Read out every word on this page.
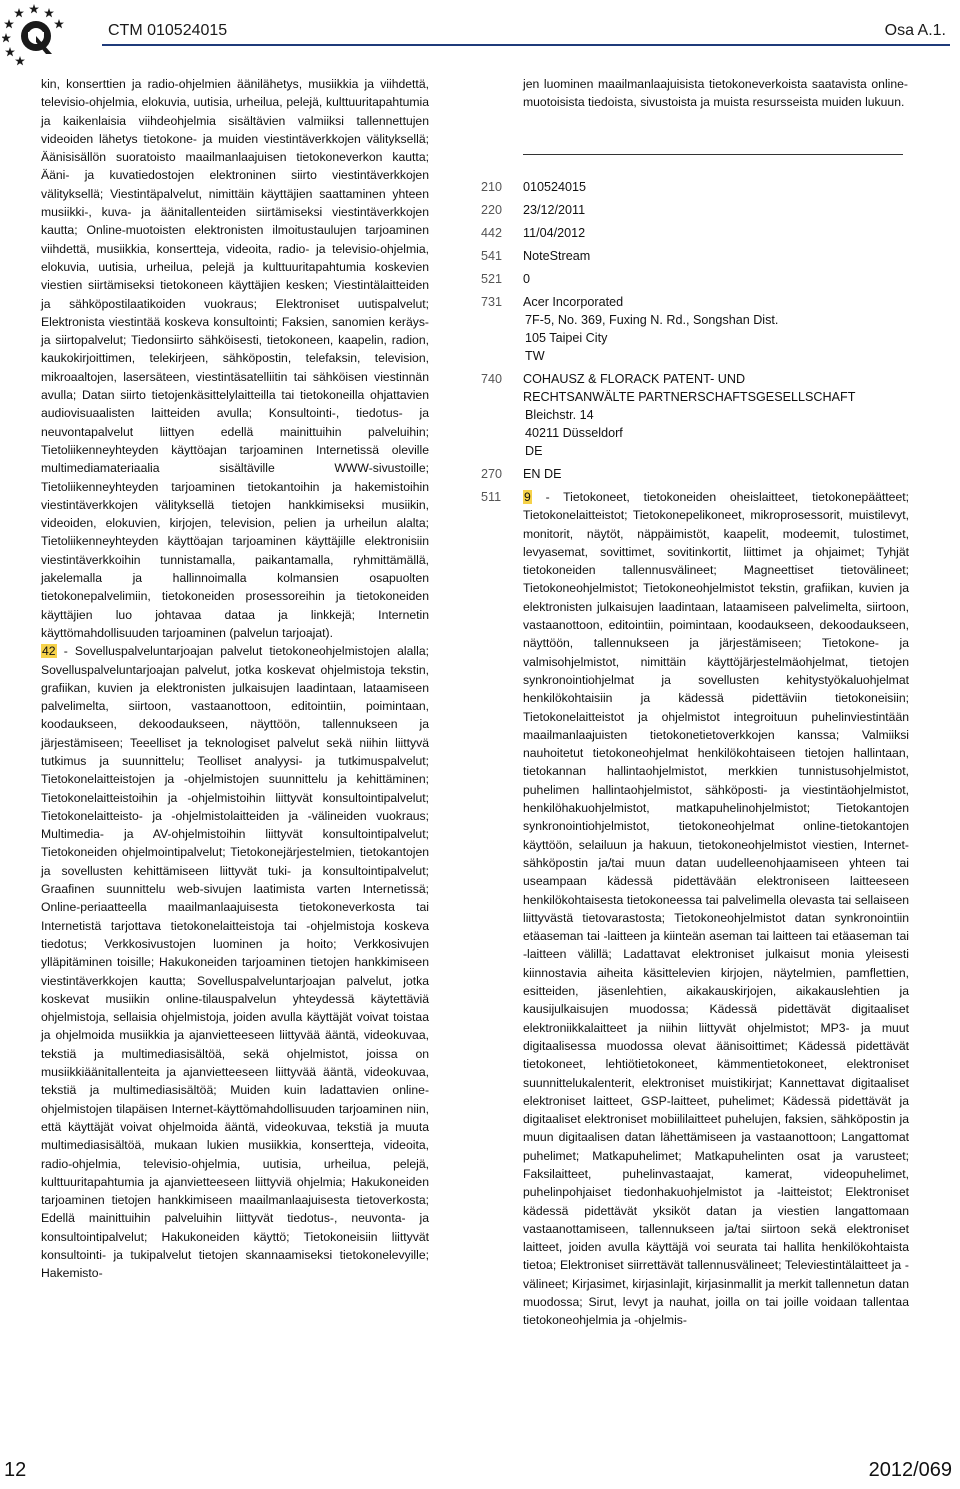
CTM 010524015	Osa A.1.

kin, konserttien ja radio-ohjelmien äänilähetys, musiikkia ja viihdettä, televisio-ohjelmia, elokuvia, uutisia, urheilua, pelejä, kulttuuritapahtumia ja kaikenlaisia viihdeohjelmia sisältävien valmiiksi tallennettujen videoiden lähetys tietokone- ja muiden viestintäverkkojen välityksellä; Äänisisällön suoratoisto maailmanlaajuisen tietokoneverkon kautta; Ääni- ja kuvatiedostojen elektroninen siirto viestintäverkkojen välityksellä; Viestintäpalvelut, nimittäin käyttäjien saattaminen yhteen musiikki-, kuva- ja äänitallenteiden siirtämiseksi viestintäverkkojen kautta; Online-muotoisten elektronisten ilmoitustaulujen tarjoaminen viihdettä, musiikkia, konsertteja, videoita, radio- ja televisio-ohjelmia, elokuvia, uutisia, urheilua, pelejä ja kulttuuritapahtumia koskevien viestien siirtämiseksi tietokoneen käyttäjien kesken; Viestintälaitteiden ja sähköpostilaatikoiden vuokraus; Elektroniset uutispalvelut; Elektronista viestintää koskeva konsultointi; Faksien, sanomien keräys- ja siirtopalvelut; Tiedonsiirto sähköisesti, tietokoneen, kaapelin, radion, kaukokirjoittimen, telekirjeen, sähköpostin, telefaksin, television, mikroaaltojen, lasersäteen, viestintäsatelliitin tai sähköisen viestinnän avulla; Datan siirto tietojenkäsittelylaitteilla tai tietokoneilla ohjattavien audiovisuaalisten laitteiden avulla; Konsultointi-, tiedotus- ja neuvontapalvelut liittyen edellä mainittuihin palveluihin; Tietoliikenneyhteyden käyttöajan tarjoaminen Internetissä oleville multimediamateriaalia sisältäville WWW-sivustoille; Tietoliikenneyhteyden tarjoaminen tietokantoihin ja hakemistoihin viestintäverkkojen välityksellä tietojen hankkimiseksi musiikin, videoiden, elokuvien, kirjojen, television, pelien ja urheilun alalta; Tietoliikenneyhteyden käyttöajan tarjoaminen käyttäjille elektronisiin viestintäverkkoihin tunnistamalla, paikantamalla, ryhmittämällä, jakelemalla ja hallinnoimalla kolmansien osapuolten tietokonepalvelimiin, tietokoneiden prosessoreihin ja tietokoneiden käyttäjien luo johtavaa dataa ja linkkejä; Internetin käyttömahdollisuuden tarjoaminen (palvelun tarjoajat).

42 - Sovelluspalveluntarjoajan palvelut tietokoneohjelmistojen alalla; Sovelluspalveluntarjoajan palvelut, jotka koskevat ohjelmistoja tekstin, grafiikan, kuvien ja elektronisten julkaisujen laadintaan, lataamiseen palvelimelta, siirtoon, vastaanottoon, editointiin, poimintaan, koodaukseen, dekoodaukseen, näyttöön, tallennukseen ja järjestämiseen; Teeelliset ja teknologiset palvelut sekä niihin liittyvä tutkimus ja suunnittelu; Teolliset analyysi- ja tutkimuspalvelut; Tietokonelaitteistojen ja -ohjelmistojen suunnittelu ja kehittäminen; Tietokonelaitteistoihin ja -ohjelmistoihin liittyvät konsultointipalvelut; Tietokonelaitteisto- ja -ohjelmistolaitteiden ja -välineiden vuokraus; Multimedia- ja AV-ohjelmistoihin liittyvät konsultointipalvelut; Tietokoneiden ohjelmointipalvelut; Tietokonejärjestelmien, tietokantojen ja sovellusten kehittämiseen liittyvät tuki- ja konsultointipalvelut; Graafinen suunnittelu web-sivujen laatimista varten Internetissä; Online-periaatteella maailmanlaajuisesta tietokoneverkosta tai Internetistä tarjottava tietokonelaitteistoja tai -ohjelmistoja koskeva tiedotus; Verkkosivustojen luominen ja hoito; Verkkosivujen ylläpitäminen toisille; Hakukoneiden tarjoaminen tietojen hankkimiseen viestintäverkkojen kautta; Sovelluspalveluntarjoajan palvelut, jotka koskevat musiikin online-tilauspalvelun yhteydessä käytettäviä ohjelmistoja, sellaisia ohjelmistoja, joiden avulla käyttäjät voivat toistaa ja ohjelmoida musiikkia ja ajanvietteeseen liittyvää ääntä, videokuvaa, tekstiä ja multimediasisältöä, sekä ohjelmistot, joissa on musiikkiäänitallenteita ja ajanvietteeseen liittyvää ääntä, videokuvaa, tekstiä ja multimediasisältöä; Muiden kuin ladattavien online-ohjelmistojen tilapäisen Internet-käyttömahdollisuuden tarjoaminen niin, että käyttäjät voivat ohjelmoida ääntä, videokuvaa, tekstiä ja muuta multimediasisältöä, mukaan lukien musiikkia, konsertteja, videoita, radio-ohjelmia, televisio-ohjelmia, uutisia, urheilua, pelejä, kulttuuritapahtumia ja ajanvietteeseen liittyviä ohjelmia; Hakukoneiden tarjoaminen tietojen hankkimiseen maailmanlaajuisesta tietoverkosta; Edellä mainittuihin palveluihin liittyvät tiedotus-, neuvonta- ja konsultointipalvelut; Hakukoneiden käyttö; Tietokoneisiin liittyvät konsultointi- ja tukipalvelut tietojen skannaamiseksi tietokonelevyille; Hakemisto-

jen luominen maailmanlaajuisista tietokoneverkoista saatavista online-muotoisista tiedoista, sivustoista ja muista resursseista muiden lukuun.

210	010524015
220	23/12/2011
442	11/04/2012
541	NoteStream
521	0
731	Acer Incorporated
7F-5, No. 369, Fuxing N. Rd., Songshan Dist.
105 Taipei City
TW
740	COHAUSZ & FLORACK PATENT- UND
RECHTSANWÄLTE PARTNERSCHAFTSGESELLSCHAFT
Bleichstr. 14
40211 Düsseldorf
DE
270	EN DE
511	9 - Tietokoneet, tietokoneiden oheislaitteet, tietokonepäätteet; Tietokonelaitteistot; Tietokonepelikoneet, mikroprosessorit, muistilevyt, monitorit, näytöt, näppäimistöt, kaapelit, modeemit, tulostimet, levyasemat, sovittimet, sovitinkortit, liittimet ja ohjaimet; Tyhjät tietokoneiden tallennusvälineet; Magneettiset tietovälineet; Tietokoneohjelmistot; Tietokoneohjelmistot tekstin, grafiikan, kuvien ja elektronisten julkaisujen laadintaan, lataamiseen palvelimelta, siirtoon, vastaanottoon, editointiin, poimintaan, koodaukseen, dekoodaukseen, näyttöön, tallennukseen ja järjestämiseen; Tietokone- ja valmisohjelmistot, nimittäin käyttöjärjestelmäohjelmat, tietojen synkronointiohjelmat ja sovellusten kehitystyökaluohjelmat henkilökohtaisiin ja kädessä pidettäviin tietokoneisiin; Tietokonelaitteistot ja ohjelmistot integroituun puhelinviestintään maailmanlaajuisten tietokonetietoverkkojen kanssa; Valmiiksi nauhoitetut tietokoneohjelmat henkilökohtaiseen tietojen hallintaan, tietokannan hallintaohjelmistot, merkkien tunnistusohjelmistot, puhelimen hallintaohjelmistot, sähköposti- ja viestintäohjelmistot, henkilöhakuohjelmistot, matkapuhelinohjelmistot; Tietokantojen synkronointiohjelmistot, tietokoneohjelmat online-tietokantojen käyttöön, selailuun ja hakuun, tietokoneohjelmistot viestien, Internet-sähköpostin ja/tai muun datan uudelleenohjaamiseen yhteen tai useampaan kädessä pidettävään elektroniseen laitteeseen henkilökohtaisesta tietokoneessa tai palvelimella olevasta tai sellaiseen liittyvästä tietovarastosta; Tietokoneohjelmistot datan synkronointiin etäaseman tai -laitteen ja kiinteän aseman tai laitteen tai etäaseman tai -laitteen välillä; Ladattavat elektroniset julkaisut monia yleisesti kiinnostavia aiheita käsittelevien kirjojen, näytelmien, pamflettien, esitteiden, jäsenlehtien, aikakauskirjojen, aikakauslehtien ja kausijulkaisujen muodossa; Kädessä pidettävät digitaaliset elektroniikkalaitteet ja niihin liittyvät ohjelmistot; MP3- ja muut digitaalisessa muodossa olevat äänisoittimet; Kädessä pidettävät tietokoneet, lehtiötietokoneet, kämmentietokoneet, elektroniset suunnittelukalenterit, elektroniset muistikirjat; Kannettavat digitaaliset elektroniset laitteet, GSP-laitteet, puhelimet; Kädessä pidettävät ja digitaaliset elektroniset mobiililaitteet puhelujen, faksien, sähköpostin ja muun digitaalisen datan lähettämiseen ja vastaanottoon; Langattomat puhelimet; Matkapuhelimet; Matkapuhelinten osat ja varusteet; Faksilaitteet, puhelinvastaajat, kamerat, videopuhelimet, puhelinpohjaiset tiedonhakuohjelmistot ja -laitteistot; Elektroniset kädessä pidettävät yksiköt datan ja viestien langattomaan vastaanottamiseen, tallennukseen ja/tai siirtoon sekä elektroniset laitteet, joiden avulla käyttäjä voi seurata tai hallita henkilökohtaista tietoa; Elektroniset siirrettävät tallennusvälineet; Televiestintälaitteet ja -välineet; Kirjasimet, kirjasinlajit, kirjasinmallit ja merkit tallennetun datan muodossa; Sirut, levyt ja nauhat, joilla on tai joille voidaan tallentaa tietokoneohjelmia ja -ohjelmis-
12	2012/069
